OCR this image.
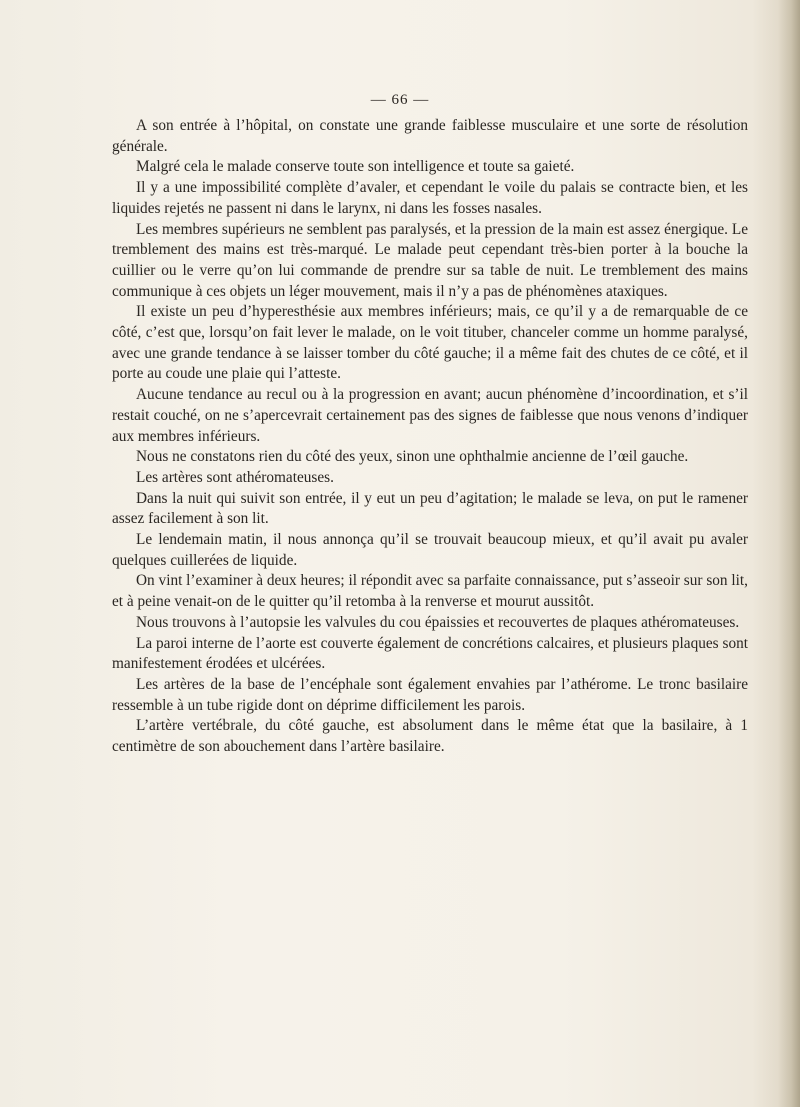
— 66 —

A son entrée à l’hôpital, on constate une grande faiblesse musculaire et une sorte de résolution générale.

Malgré cela le malade conserve toute son intelligence et toute sa gaieté.

Il y a une impossibilité complète d’avaler, et cependant le voile du palais se contracte bien, et les liquides rejetés ne passent ni dans le larynx, ni dans les fosses nasales.

Les membres supérieurs ne semblent pas paralysés, et la pression de la main est assez énergique. Le tremblement des mains est très-marqué. Le malade peut cependant très-bien porter à la bouche la cuillier ou le verre qu’on lui commande de prendre sur sa table de nuit. Le tremblement des mains communique à ces objets un léger mouvement, mais il n’y a pas de phénomènes ataxiques.

Il existe un peu d’hyperesthésie aux membres inférieurs; mais, ce qu’il y a de remarquable de ce côté, c’est que, lorsqu’on fait lever le malade, on le voit tituber, chanceler comme un homme paralysé, avec une grande tendance à se laisser tomber du côté gauche; il a même fait des chutes de ce côté, et il porte au coude une plaie qui l’atteste.

Aucune tendance au recul ou à la progression en avant; aucun phénomène d’incoordination, et s’il restait couché, on ne s’apercevrait certainement pas des signes de faiblesse que nous venons d’indiquer aux membres inférieurs.

Nous ne constatons rien du côté des yeux, sinon une ophthalmie ancienne de l’œil gauche.

Les artères sont athéromateuses.

Dans la nuit qui suivit son entrée, il y eut un peu d’agitation; le malade se leva, on put le ramener assez facilement à son lit.

Le lendemain matin, il nous annonça qu’il se trouvait beaucoup mieux, et qu’il avait pu avaler quelques cuillerées de liquide.

On vint l’examiner à deux heures; il répondit avec sa parfaite connaissance, put s’asseoir sur son lit, et à peine venait-on de le quitter qu’il retomba à la renverse et mourut aussitôt.

Nous trouvons à l’autopsie les valvules du cou épaissies et recouvertes de plaques athéromateuses.

La paroi interne de l’aorte est couverte également de concrétions calcaires, et plusieurs plaques sont manifestement érodées et ulcérées.

Les artères de la base de l’encéphale sont également envahies par l’athérome. Le tronc basilaire ressemble à un tube rigide dont on déprime difficilement les parois.

L’artère vertébrale, du côté gauche, est absolument dans le même état que la basilaire, à 1 centimètre de son abouchement dans l’artère basilaire.
